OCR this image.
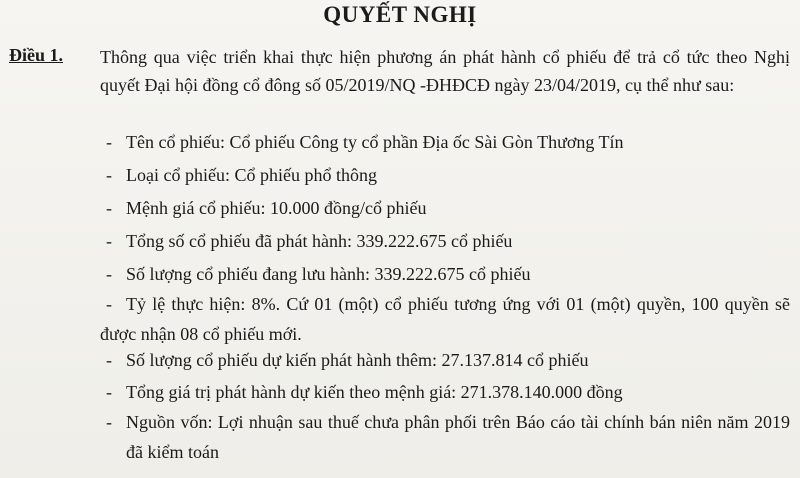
QUYẾT NGHỊ
Điều 1. Thông qua việc triển khai thực hiện phương án phát hành cổ phiếu để trả cổ tức theo Nghị quyết Đại hội đồng cổ đông số 05/2019/NQ -ĐHĐCĐ ngày 23/04/2019, cụ thể như sau:
- Tên cổ phiếu: Cổ phiếu Công ty cổ phần Địa ốc Sài Gòn Thương Tín
- Loại cổ phiếu: Cổ phiếu phổ thông
- Mệnh giá cổ phiếu: 10.000 đồng/cổ phiếu
- Tổng số cổ phiếu đã phát hành: 339.222.675 cổ phiếu
- Số lượng cổ phiếu đang lưu hành: 339.222.675 cổ phiếu
- Tỷ lệ thực hiện: 8%. Cứ 01 (một) cổ phiếu tương ứng với 01 (một) quyền, 100 quyền sẽ được nhận 08 cổ phiếu mới.
- Số lượng cổ phiếu dự kiến phát hành thêm: 27.137.814 cổ phiếu
- Tổng giá trị phát hành dự kiến theo mệnh giá: 271.378.140.000 đồng
- Nguồn vốn: Lợi nhuận sau thuế chưa phân phối trên Báo cáo tài chính bán niên năm 2019 đã kiểm toán
